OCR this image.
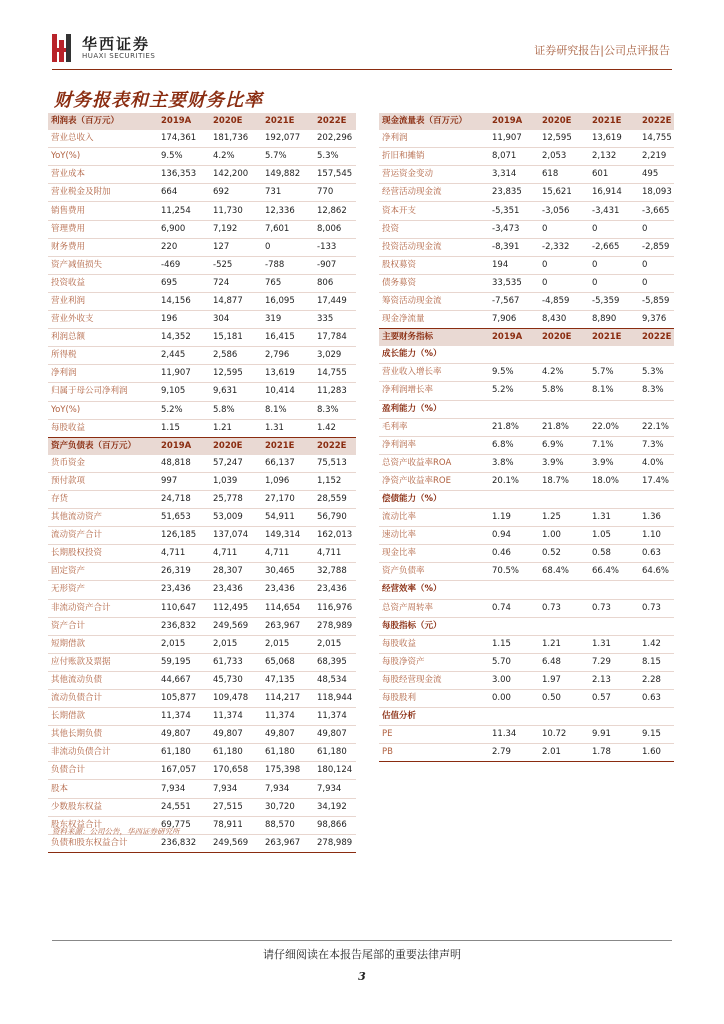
华西证券
HUAXI SECURITIES	证券研究报告|公司点评报告
财务报表和主要财务比率
利润表（百万元）	2019A	2020E	2021E	2022E
营业总收入	174,361	181,736	192,077	202,296
YoY(%)	9.5%	4.2%	5.7%	5.3%
营业成本	136,353	142,200	149,882	157,545
营业税金及附加	664	692	731	770
销售费用	11,254	11,730	12,336	12,862
管理费用	6,900	7,192	7,601	8,006
财务费用	220	127	0	-133
资产减值损失	-469	-525	-788	-907
投资收益	695	724	765	806
营业利润	14,156	14,877	16,095	17,449
营业外收支	196	304	319	335
利润总额	14,352	15,181	16,415	17,784
所得税	2,445	2,586	2,796	3,029
净利润	11,907	12,595	13,619	14,755
归属于母公司净利润	9,105	9,631	10,414	11,283
YoY(%)	5.2%	5.8%	8.1%	8.3%
每股收益	1.15	1.21	1.31	1.42
资产负债表（百万元）	2019A	2020E	2021E	2022E
货币资金	48,818	57,247	66,137	75,513
预付款项	997	1,039	1,096	1,152
存货	24,718	25,778	27,170	28,559
其他流动资产	51,653	53,009	54,911	56,790
流动资产合计	126,185	137,074	149,314	162,013
长期股权投资	4,711	4,711	4,711	4,711
固定资产	26,319	28,307	30,465	32,788
无形资产	23,436	23,436	23,436	23,436
非流动资产合计	110,647	112,495	114,654	116,976
资产合计	236,832	249,569	263,967	278,989
短期借款	2,015	2,015	2,015	2,015
应付账款及票据	59,195	61,733	65,068	68,395
其他流动负债	44,667	45,730	47,135	48,534
流动负债合计	105,877	109,478	114,217	118,944
长期借款	11,374	11,374	11,374	11,374
其他长期负债	49,807	49,807	49,807	49,807
非流动负债合计	61,180	61,180	61,180	61,180
负债合计	167,057	170,658	175,398	180,124
股本	7,934	7,934	7,934	7,934
少数股东权益	24,551	27,515	30,720	34,192
股东权益合计	69,775	78,911	88,570	98,866
负债和股东权益合计	236,832	249,569	263,967	278,989
现金流量表（百万元）	2019A	2020E	2021E	2022E
净利润	11,907	12,595	13,619	14,755
折旧和摊销	8,071	2,053	2,132	2,219
营运资金变动	3,314	618	601	495
经营活动现金流	23,835	15,621	16,914	18,093
资本开支	-5,351	-3,056	-3,431	-3,665
投资	-3,473	0	0	0
投资活动现金流	-8,391	-2,332	-2,665	-2,859
股权募资	194	0	0	0
债务募资	33,535	0	0	0
筹资活动现金流	-7,567	-4,859	-5,359	-5,859
现金净流量	7,906	8,430	8,890	9,376
主要财务指标	2019A	2020E	2021E	2022E
成长能力（%）				
营业收入增长率	9.5%	4.2%	5.7%	5.3%
净利润增长率	5.2%	5.8%	8.1%	8.3%
盈利能力（%）				
毛利率	21.8%	21.8%	22.0%	22.1%
净利润率	6.8%	6.9%	7.1%	7.3%
总资产收益率ROA	3.8%	3.9%	3.9%	4.0%
净资产收益率ROE	20.1%	18.7%	18.0%	17.4%
偿债能力（%）				
流动比率	1.19	1.25	1.31	1.36
速动比率	0.94	1.00	1.05	1.10
现金比率	0.46	0.52	0.58	0.63
资产负债率	70.5%	68.4%	66.4%	64.6%
经营效率（%）				
总资产周转率	0.74	0.73	0.73	0.73
每股指标（元）				
每股收益	1.15	1.21	1.31	1.42
每股净资产	5.70	6.48	7.29	8.15
每股经营现金流	3.00	1.97	2.13	2.28
每股股利	0.00	0.50	0.57	0.63
估值分析				
PE	11.34	10.72	9.91	9.15
PB	2.79	2.01	1.78	1.60
资料来源：公司公告，华西证券研究所
请仔细阅读在本报告尾部的重要法律声明
3
